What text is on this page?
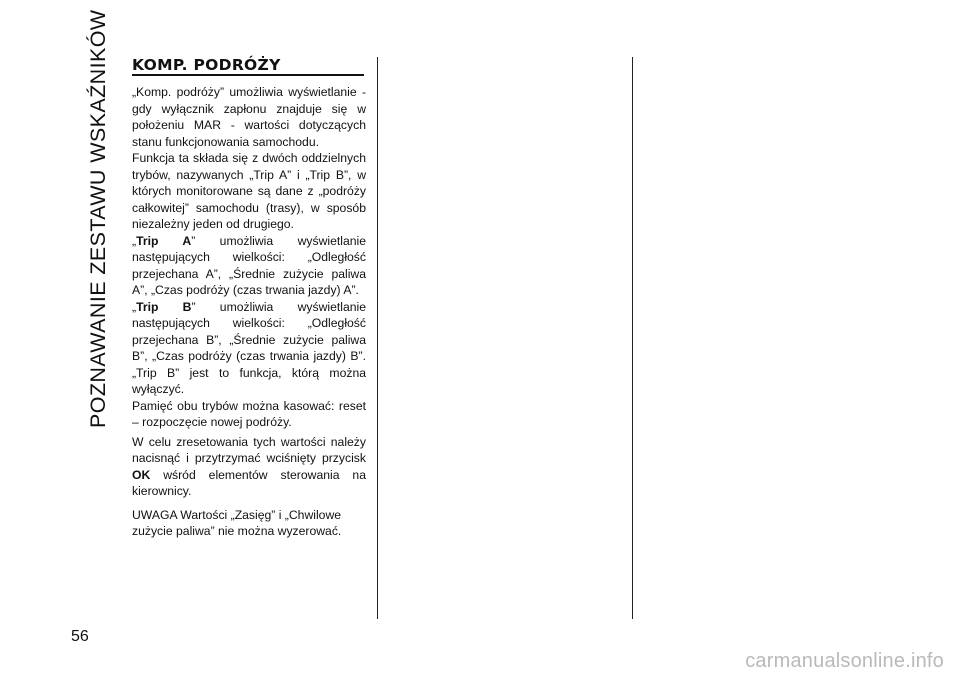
POZNAWANIE ZESTAWU WSKAŹNIKÓW KOMP. PODRÓŻY

„Komp. podróży” umożliwia wyświetlanie - gdy wyłącznik zapłonu znajduje się w położeniu MAR - wartości dotyczących stanu funkcjonowania samochodu.

Funkcja ta składa się z dwóch oddzielnych trybów, nazywanych „Trip A” i „Trip B”, w których monitorowane są dane z „podróży całkowitej” samochodu (trasy), w sposób niezależny jeden od drugiego.

„Trip A” umożliwia wyświetlanie następujących wielkości: „Odległość przejechana A”, „Średnie zużycie paliwa A”, „Czas podróży (czas trwania jazdy) A”.

„Trip B” umożliwia wyświetlanie następujących wielkości: „Odległość przejechana B”, „Średnie zużycie paliwa B”, „Czas podróży (czas trwania jazdy) B”. „Trip B” jest to funkcja, którą można wyłączyć.

Pamięć obu trybów można kasować: reset – rozpoczęcie nowej podróży.

W celu zresetowania tych wartości należy nacisnąć i przytrzymać wciśnięty przycisk OK wśród elementów sterowania na kierownicy.

UWAGA Wartości „Zasięg” i „Chwilowe zużycie paliwa” nie można wyzerować.

56
carmanualsonline.info
